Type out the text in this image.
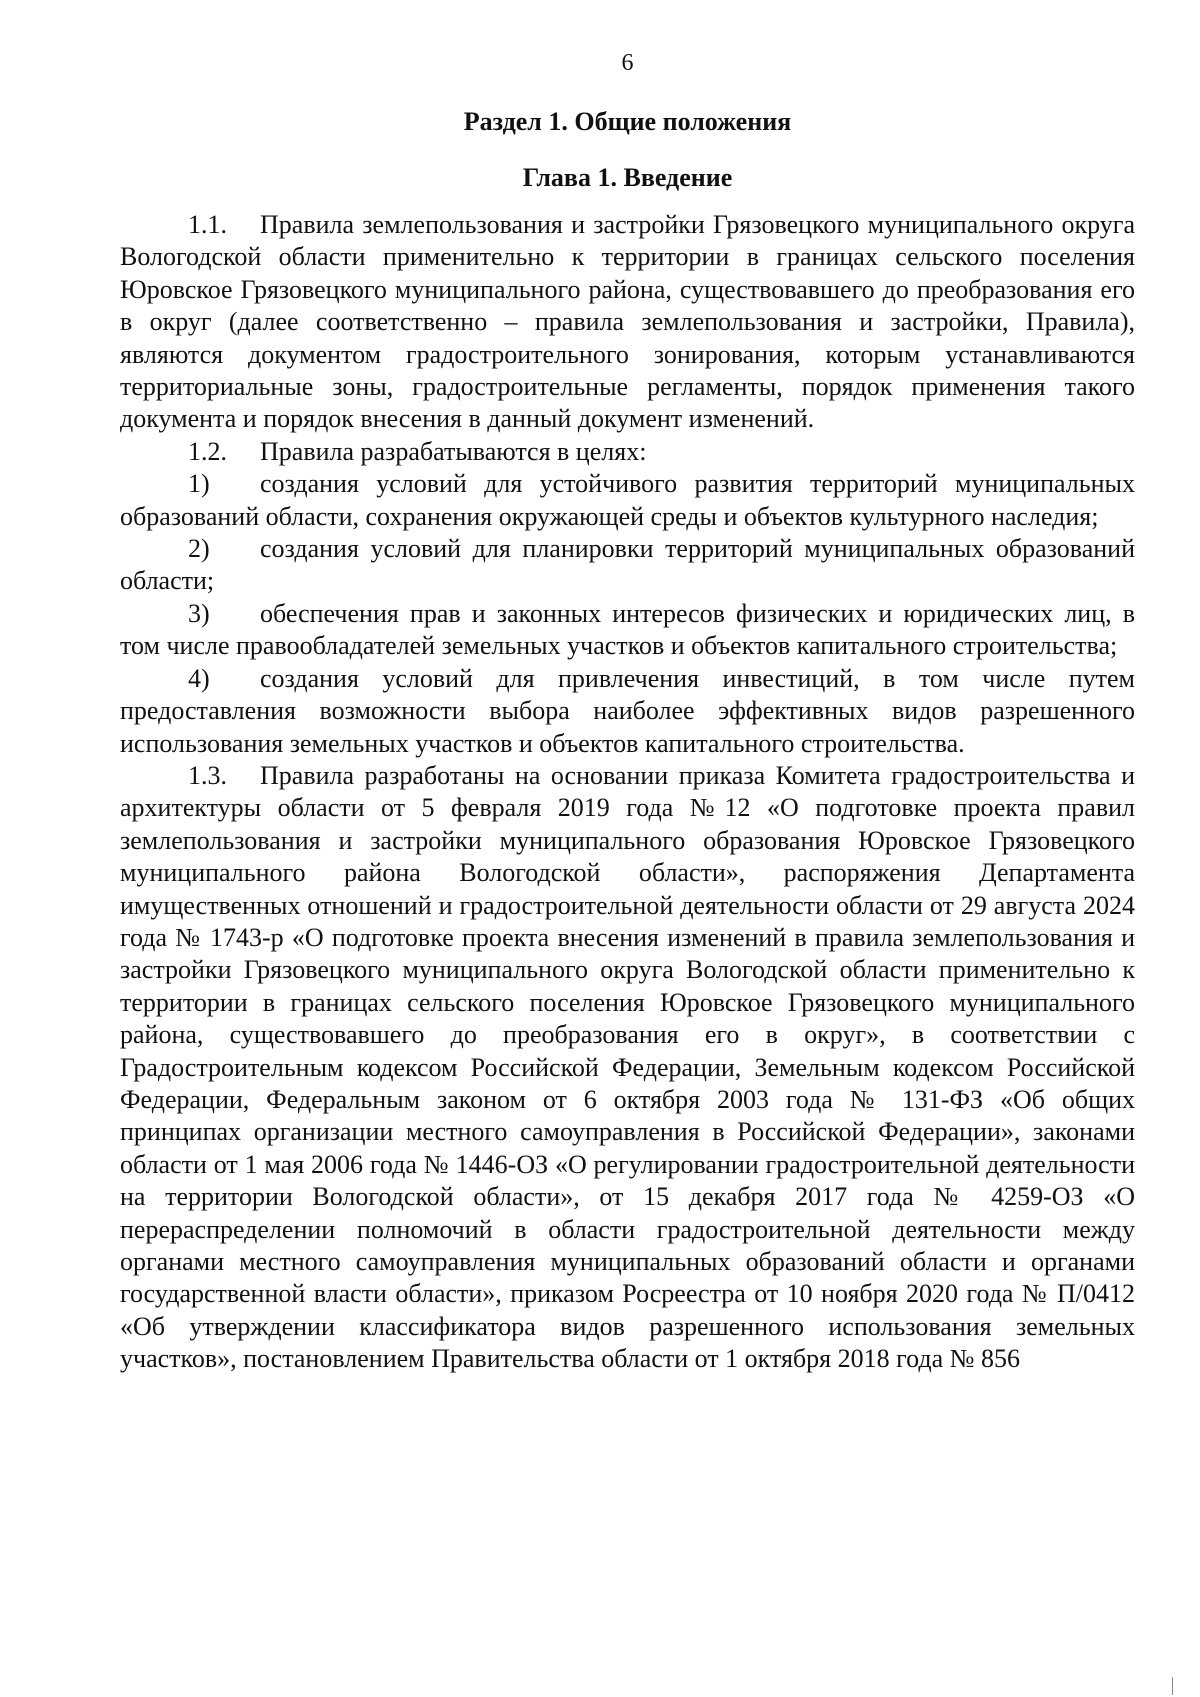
6
Раздел 1. Общие положения
Глава 1. Введение

1.1. Правила землепользования и застройки Грязовецкого муниципального округа Вологодской области применительно к территории в границах сельского поселения Юровское Грязовецкого муниципального района, существовавшего до преобразования его в округ (далее соответственно – правила землепользования и застройки, Правила), являются документом градостроительного зонирования, которым устанавливаются территориальные зоны, градостроительные регламенты, порядок применения такого документа и порядок внесения в данный документ изменений.

1.2. Правила разрабатываются в целях:

1) создания условий для устойчивого развития территорий муниципальных образований области, сохранения окружающей среды и объектов культурного наследия;

2) создания условий для планировки территорий муниципальных образований области;

3) обеспечения прав и законных интересов физических и юридических лиц, в том числе правообладателей земельных участков и объектов капитального строительства;

4) создания условий для привлечения инвестиций, в том числе путем предоставления возможности выбора наиболее эффективных видов разрешенного использования земельных участков и объектов капитального строительства.

1.3. Правила разработаны на основании приказа Комитета градостроительства и архитектуры области от 5 февраля 2019 года №12 «О подготовке проекта правил землепользования и застройки муниципального образования Юровское Грязовецкого муниципального района Вологодской области», распоряжения Департамента имущественных отношений и градостроительной деятельности области от 29 августа 2024 года № 1743-р «О подготовке проекта внесения изменений в правила землепользования и застройки Грязовецкого муниципального округа Вологодской области применительно к территории в границах сельского поселения Юровское Грязовецкого муниципального района, существовавшего до преобразования его в округ», в соответствии с Градостроительным кодексом Российской Федерации, Земельным кодексом Российской Федерации, Федеральным законом от 6 октября 2003 года № 131-ФЗ «Об общих принципах организации местного самоуправления в Российской Федерации», законами области от 1 мая 2006 года № 1446-ОЗ «О регулировании градостроительной деятельности на территории Вологодской области», от 15 декабря 2017 года № 4259-ОЗ «О перераспределении полномочий в области градостроительной деятельности между органами местного самоуправления муниципальных образований области и органами государственной власти области», приказом Росреестра от 10 ноября 2020 года № П/0412 «Об утверждении классификатора видов разрешенного использования земельных участков», постановлением Правительства области от 1 октября 2018 года № 856
